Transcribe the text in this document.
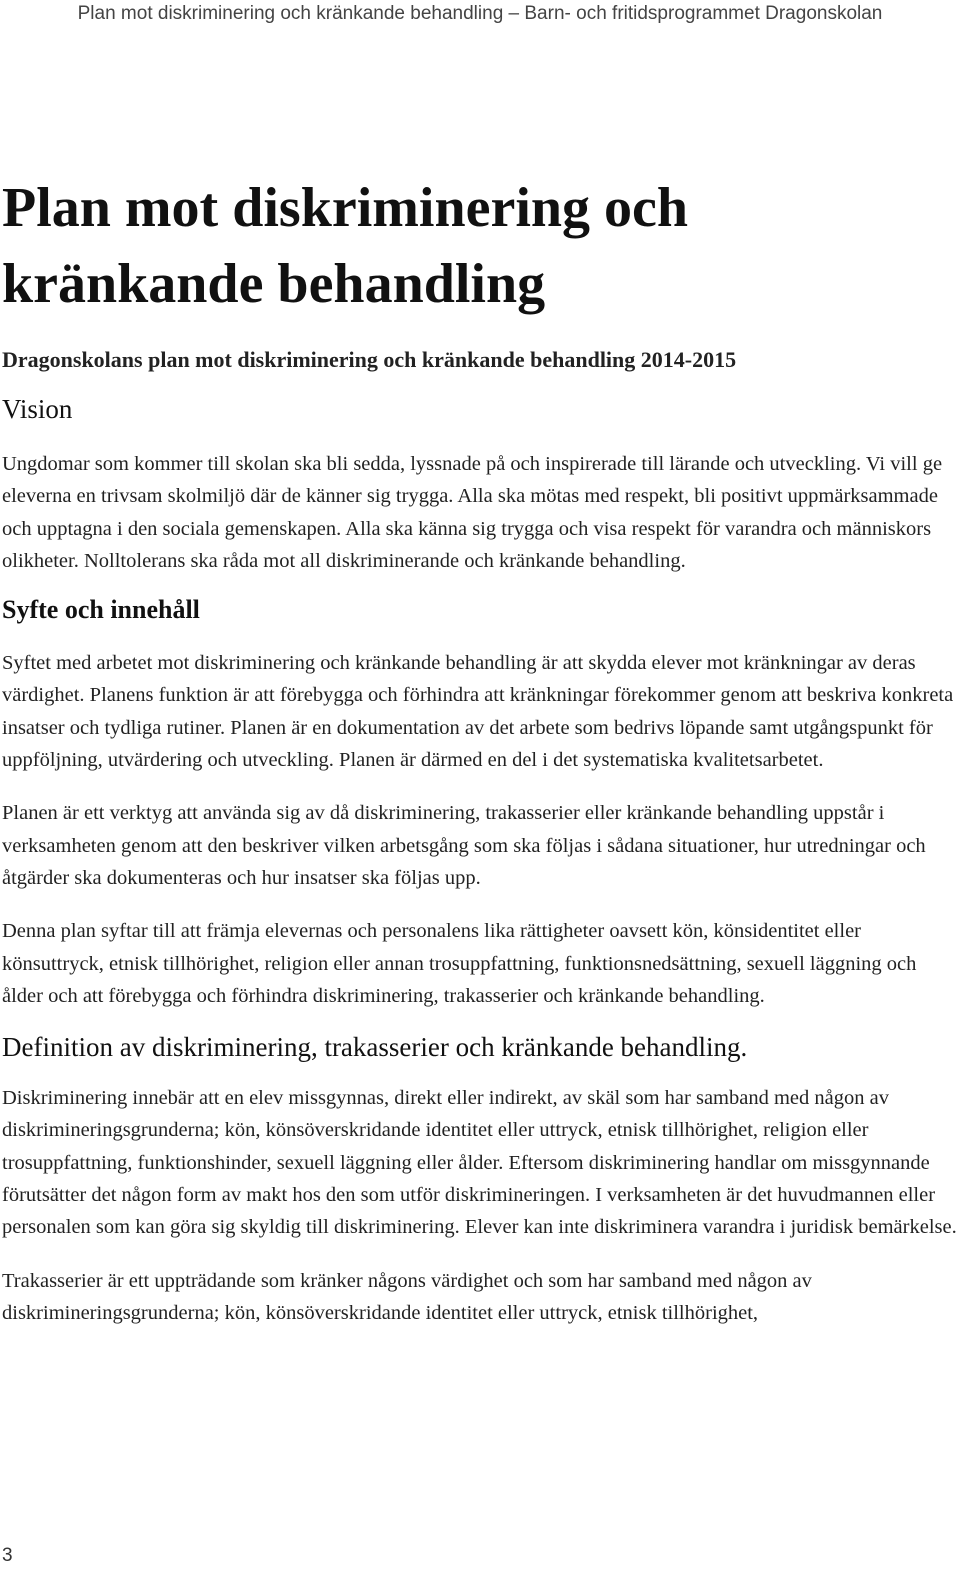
Plan mot diskriminering och kränkande behandling – Barn- och fritidsprogrammet Dragonskolan
Plan mot diskriminering och kränkande behandling
Dragonskolans plan mot diskriminering och kränkande behandling 2014-2015
Vision

Ungdomar som kommer till skolan ska bli sedda, lyssnade på och inspirerade till lärande och utveckling. Vi vill ge eleverna en trivsam skolmiljö där de känner sig trygga. Alla ska mötas med respekt, bli positivt uppmärksammade och upptagna i den sociala gemenskapen. Alla ska känna sig trygga och visa respekt för varandra och människors olikheter. Nolltolerans ska råda mot all diskriminerande och kränkande behandling.

Syfte och innehåll

Syftet med arbetet mot diskriminering och kränkande behandling är att skydda elever mot kränkningar av deras värdighet. Planens funktion är att förebygga och förhindra att kränkningar förekommer genom att beskriva konkreta insatser och tydliga rutiner. Planen är en dokumentation av det arbete som bedrivs löpande samt utgångspunkt för uppföljning, utvärdering och utveckling. Planen är därmed en del i det systematiska kvalitetsarbetet.

Planen är ett verktyg att använda sig av då diskriminering, trakasserier eller kränkande behandling uppstår i verksamheten genom att den beskriver vilken arbetsgång som ska följas i sådana situationer, hur utredningar och åtgärder ska dokumenteras och hur insatser ska följas upp.

Denna plan syftar till att främja elevernas och personalens lika rättigheter oavsett kön, könsidentitet eller könsuttryck, etnisk tillhörighet, religion eller annan trosuppfattning, funktionsnedsättning, sexuell läggning och ålder och att förebygga och förhindra diskriminering, trakasserier och kränkande behandling.

Definition av diskriminering, trakasserier och kränkande behandling.

Diskriminering innebär att en elev missgynnas, direkt eller indirekt, av skäl som har samband med någon av diskrimineringsgrunderna; kön, könsöverskridande identitet eller uttryck, etnisk tillhörighet, religion eller trosuppfattning, funktionshinder, sexuell läggning eller ålder. Eftersom diskriminering handlar om missgynnande förutsätter det någon form av makt hos den som utför diskrimineringen. I verksamheten är det huvudmannen eller personalen som kan göra sig skyldig till diskriminering. Elever kan inte diskriminera varandra i juridisk bemärkelse.

Trakasserier är ett uppträdande som kränker någons värdighet och som har samband med någon av diskrimineringsgrunderna; kön, könsöverskridande identitet eller uttryck, etnisk tillhörighet,

3
